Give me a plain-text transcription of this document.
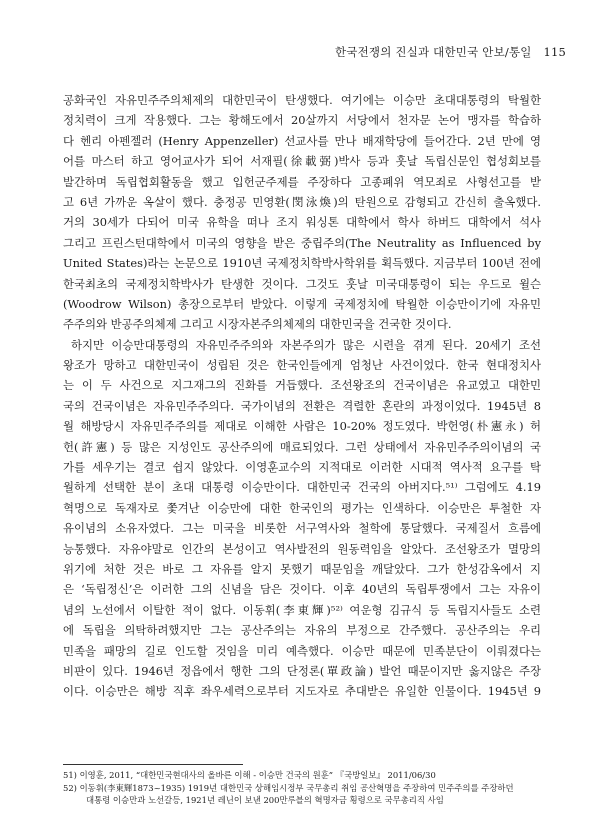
한국전쟁의 진실과 대한민국 안보/통일 115
공화국인 자유민주주의체제의 대한민국이 탄생했다. 여기에는 이승만 초대대통령의 탁월한
정치력이 크게 작용했다. 그는 황해도에서 20살까지 서당에서 천자문 논어 맹자를 학습하
다 헨리 아펜젤러 (Henry Appenzeller) 선교사를 만나 배재학당에 들어간다. 2년 만에 영
어를 마스터 하고 영어교사가 되어 서재필(徐載弼)박사 등과 훗날 독립신문인 협성회보를
발간하며 독립협회활동을 했고 입헌군주제를 주장하다 고종폐위 역모죄로 사형선고를 받
고 6년 가까운 옥살이 했다. 충정공 민영환(閔泳煥)의 탄원으로 감형되고 간신히 출옥했다.
거의 30세가 다되어 미국 유학을 떠나 조지 워싱톤 대학에서 학사 하버드 대학에서 석사
그리고 프린스턴대학에서 미국의 영향을 받은 중립주의(The Neutrality as Influenced by
United States)라는 논문으로 1910년 국제정치학박사학위를 획득했다. 지금부터 100년 전에
한국최초의 국제정치학박사가 탄생한 것이다. 그것도 훗날 미국대통령이 되는 우드로 윌슨
(Woodrow Wilson) 총장으로부터 받았다. 이렇게 국제정치에 탁월한 이승만이기에 자유민
주주의와 반공주의체제 그리고 시장자본주의체제의 대한민국을 건국한 것이다.
하지만 이승만대통령의 자유민주주의와 자본주의가 많은 시련을 겪게 된다. 20세기 조선
왕조가 망하고 대한민국이 성립된 것은 한국인들에게 엄청난 사건이었다. 한국 현대정치사
는 이 두 사건으로 지그재그의 진화를 거듭했다. 조선왕조의 건국이념은 유교였고 대한민
국의 건국이념은 자유민주주의다. 국가이념의 전환은 격렬한 혼란의 과정이었다. 1945년 8
월 해방당시 자유민주주의를 제대로 이해한 사람은 10-20% 정도였다. 박헌영(朴憲永) 허
헌(許憲) 등 많은 지성인도 공산주의에 매료되었다. 그런 상태에서 자유민주주의이념의 국
가를 세우기는 결코 쉽지 않았다. 이영훈교수의 지적대로 이러한 시대적 역사적 요구를 탁
월하게 선택한 분이 초대 대통령 이승만이다. 대한민국 건국의 아버지다.⁵¹⁾ 그럼에도 4.19
혁명으로 독재자로 쫓겨난 이승만에 대한 한국인의 평가는 인색하다. 이승만은 투철한 자
유이념의 소유자였다. 그는 미국을 비롯한 서구역사와 철학에 통달했다. 국제질서 흐름에
능통했다. 자유야말로 인간의 본성이고 역사발전의 원동력임을 알았다. 조선왕조가 멸망의
위기에 처한 것은 바로 그 자유를 알지 못했기 때문임을 깨달았다. 그가 한성감옥에서 지
은 ‘독립정신’은 이러한 그의 신념을 담은 것이다. 이후 40년의 독립투쟁에서 그는 자유이
념의 노선에서 이탈한 적이 없다. 이동휘(李東輝)⁵²⁾ 여운형 김규식 등 독립지사들도 소련
에 독립을 의탁하려했지만 그는 공산주의는 자유의 부정으로 간주했다. 공산주의는 우리
민족을 패망의 길로 인도할 것임을 미리 예측했다. 이승만 때문에 민족분단이 이뤄졌다는
비판이 있다. 1946년 정읍에서 행한 그의 단정론(單政論) 발언 때문이지만 옳지않은 주장
이다. 이승만은 해방 직후 좌우세력으로부터 지도자로 추대받은 유일한 인물이다. 1945년 9
51) 이영훈, 2011, “대한민국현대사의 올바른 이해 - 이승만 건국의 원훈” 『국방일보』 2011/06/30
52) 이동휘(李東輝1873~1935) 1919년 대한민국 상해임시정부 국무총리 취임 공산혁명을 주장하여 민주주의를 주장하던
대통령 이승만과 노선갈등, 1921년 레닌이 보낸 200만루블의 혁명자금 횡령으로 국무총리직 사임
